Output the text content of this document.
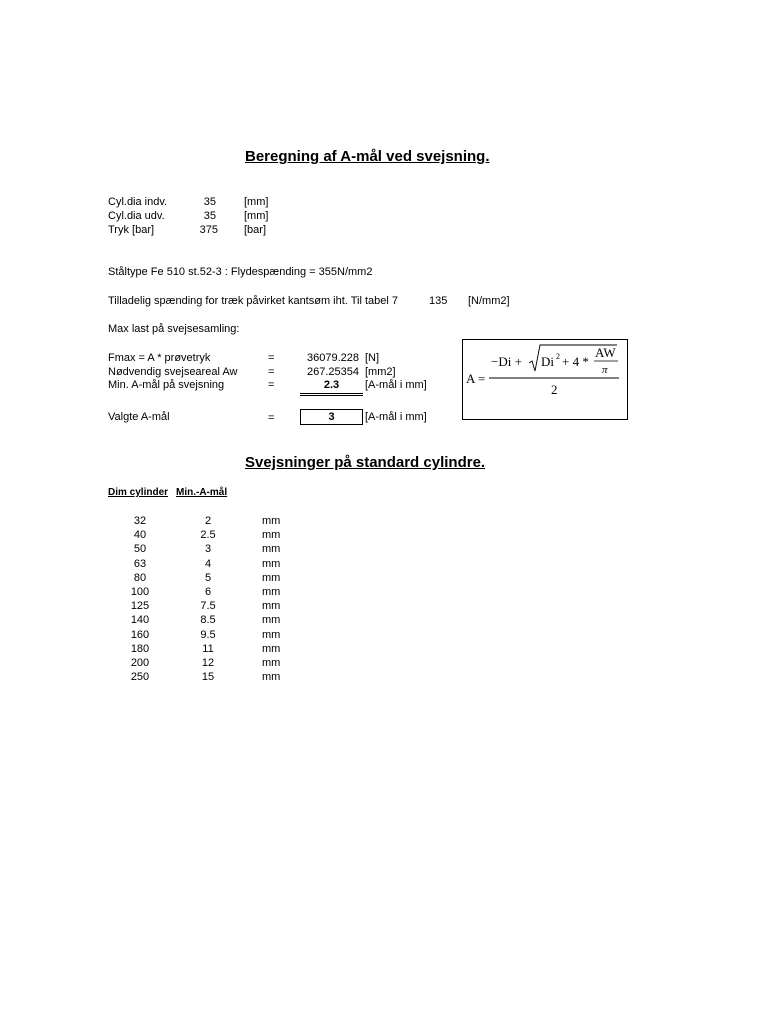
Beregning af A-mål ved svejsning.
Cyl.dia indv.	35	[mm]
Cyl.dia udv.	35	[mm]
Tryk [bar]	375 [bar]
Ståltype Fe 510 st.52-3 : Flydespænding = 355N/mm2
Tilladelig spænding for træk påvirket kantsøm iht. Til tabel 7	135 [N/mm2]
Max last på svejsesamling:
Fmax = A * prøvetryk	=	36079.228 [N]
Nødvendig svejseareal Aw	=	267.25354 [mm2]
Min. A-mål på svejsning	=	2.3	[A-mål i mm]
Valgte A-mål	=	3	[A-mål i mm]
A =
−Di + Di 2 + 4 *
AW
π
2
Svejsninger på standard cylindre.
Dim cylinder Min.-A-mål
32	2	mm
40	2.5	mm
50	3	mm
63	4	mm
80	5	mm
100	6	mm
125	7.5	mm
140	8.5	mm
160	9.5	mm
180	11	mm
200	12	mm
250	15	mm
